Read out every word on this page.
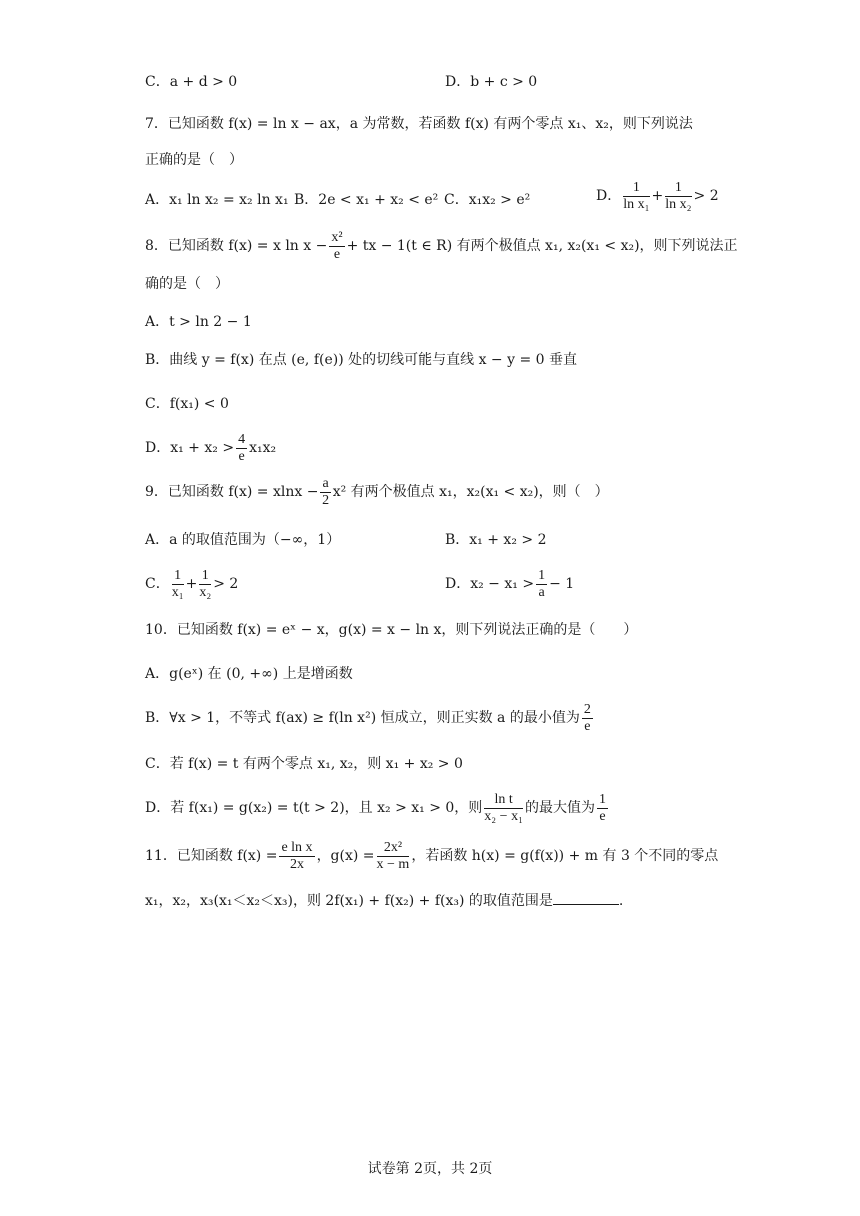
C．a + d > 0	D．b + c > 0
7．已知函数 f(x) = ln x − ax，a 为常数，若函数 f(x) 有两个零点 x₁、x₂，则下列说法
正确的是（　）
A．x₁ ln x₂ = x₂ ln x₁ B．2e < x₁ + x₂ < e² C．x₁x₂ > e²	D． $\frac{1}{\text{ln x₁}} + \frac{1}{\text{ln x₂}} > 2$
8．已知函数 f(x) = x $\ln x - \frac{\text{x²}}{e}$ + tx − 1(t ∈ R) 有两个极值点 x₁, x₂(x₁ < x₂)，则下列说法正
确的是（　）
A．t > ln 2 − 1
B．曲线 y = f(x) 在点 (e, f(e)) 处的切线可能与直线 x − y = 0 垂直
C．f(x₁) < 0
D．$x_1 + x_2 > \frac{4}{e} x_1x_2$
9．已知函数 $f(x) = xlnx - \frac{a}{2} x^2$ 有两个极值点 x₁，x₂(x₁ < x₂)，则（　）
A．a 的取值范围为（−∞，1）	B．x₁ + x₂ > 2
C． $\frac{1}{\text{x₁}} + \frac{1}{\text{x₂}} > 2$	D．$x_2 - x_1 > \frac{1}{a} - 1$
10．已知函数 f(x) = eˣ − x，g(x) = x − ln x，则下列说法正确的是（　　）
A．g(eˣ) 在 (0, +∞) 上是增函数
B．∀x > 1，不等式 f(ax) ≥ f(ln x²) 恒成立，则正实数 a 的最小值为 $\frac{2}{e}$
C．若 f(x) = t 有两个零点 x₁, x₂，则 x₁ + x₂ > 0
D．若 f(x₁) = g(x₂) = t(t > 2)，且 x₂ > x₁ > 0，则 $\frac{\text{ln t}}{\text{x₂ − x₁}}$ 的最大值为 $\frac{1}{e}$
11．已知函数 $f(x) = \frac{\text{e ln x}}{2x}$ ，$g(x) = \frac{\text{2x²}}{x - m}$ ，若函数 h(x) = g(f(x)) + m 有 3 个不同的零点
x₁，x₂，x₃(x₁＜x₂＜x₃)，则 2f(x₁) + f(x₂) + f(x₃) 的取值范围是	.
试卷第 2页，共 2页
